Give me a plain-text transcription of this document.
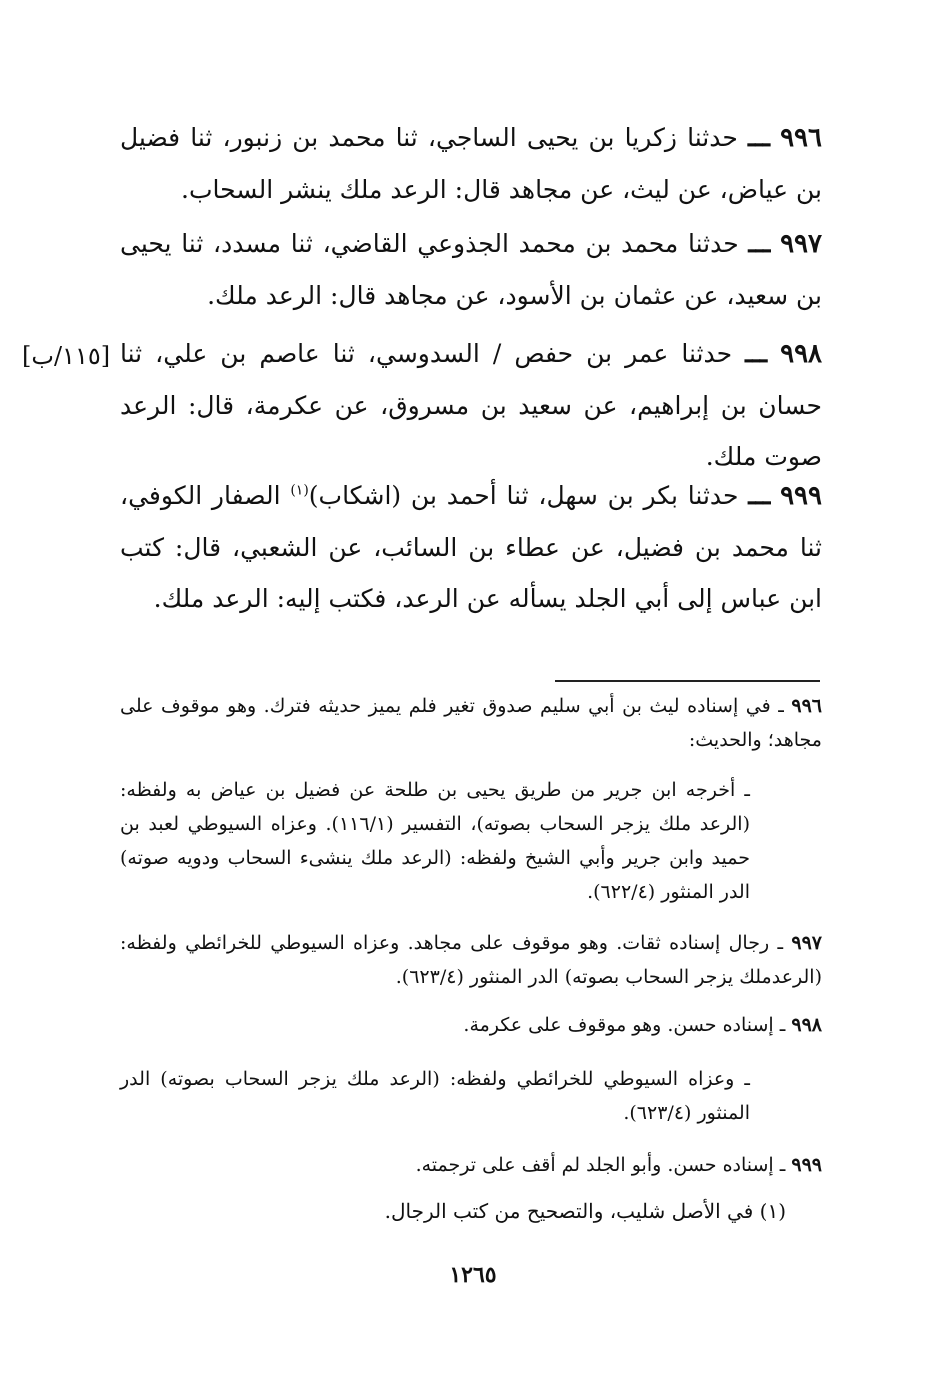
٩٩٦ ـــ حدثنا زكريا بن يحيى الساجي، ثنا محمد بن زنبور، ثنا فضيل بن عياض، عن ليث، عن مجاهد قال: الرعد ملك ينشر السحاب.
٩٩٧ ـــ حدثنا محمد بن محمد الجذوعي القاضي، ثنا مسدد، ثنا يحيى بن سعيد، عن عثمان بن الأسود، عن مجاهد قال: الرعد ملك.
٩٩٨ ـــ حدثنا عمر بن حفص / السدوسي، ثنا عاصم بن علي، ثنا حسان بن إبراهيم، عن سعيد بن مسروق، عن عكرمة، قال: الرعد صوت ملك.
[١١٥/ب]
٩٩٩ ـــ حدثنا بكر بن سهل، ثنا أحمد بن (اشكاب)$^{(١)}$ الصفار الكوفي، ثنا محمد بن فضيل، عن عطاء بن السائب، عن الشعبي، قال: كتب ابن عباس إلى أبي الجلد يسأله عن الرعد، فكتب إليه: الرعد ملك.
٩٩٦ ـ في إسناده ليث بن أبي سليم صدوق تغير فلم يميز حديثه فترك. وهو موقوف على مجاهد؛ والحديث:
ـ أخرجه ابن جرير من طريق يحيى بن طلحة عن فضيل بن عياض به ولفظه: (الرعد ملك يزجر السحاب بصوته)، التفسير (١١٦/١). وعزاه السيوطي لعبد بن حميد وابن جرير وأبي الشيخ ولفظه: (الرعد ملك ينشىء السحاب ودويه صوته) الدر المنثور (٦٢٢/٤).
٩٩٧ ـ رجال إسناده ثقات. وهو موقوف على مجاهد. وعزاه السيوطي للخرائطي ولفظه: (الرعدملك يزجر السحاب بصوته) الدر المنثور (٦٢٣/٤).
٩٩٨ ـ إسناده حسن. وهو موقوف على عكرمة.
ـ وعزاه السيوطي للخرائطي ولفظه: (الرعد ملك يزجر السحاب بصوته) الدر المنثور (٦٢٣/٤).
٩٩٩ ـ إسناده حسن. وأبو الجلد لم أقف على ترجمته.
(١) في الأصل شليب، والتصحيح من كتب الرجال.
١٢٦٥
